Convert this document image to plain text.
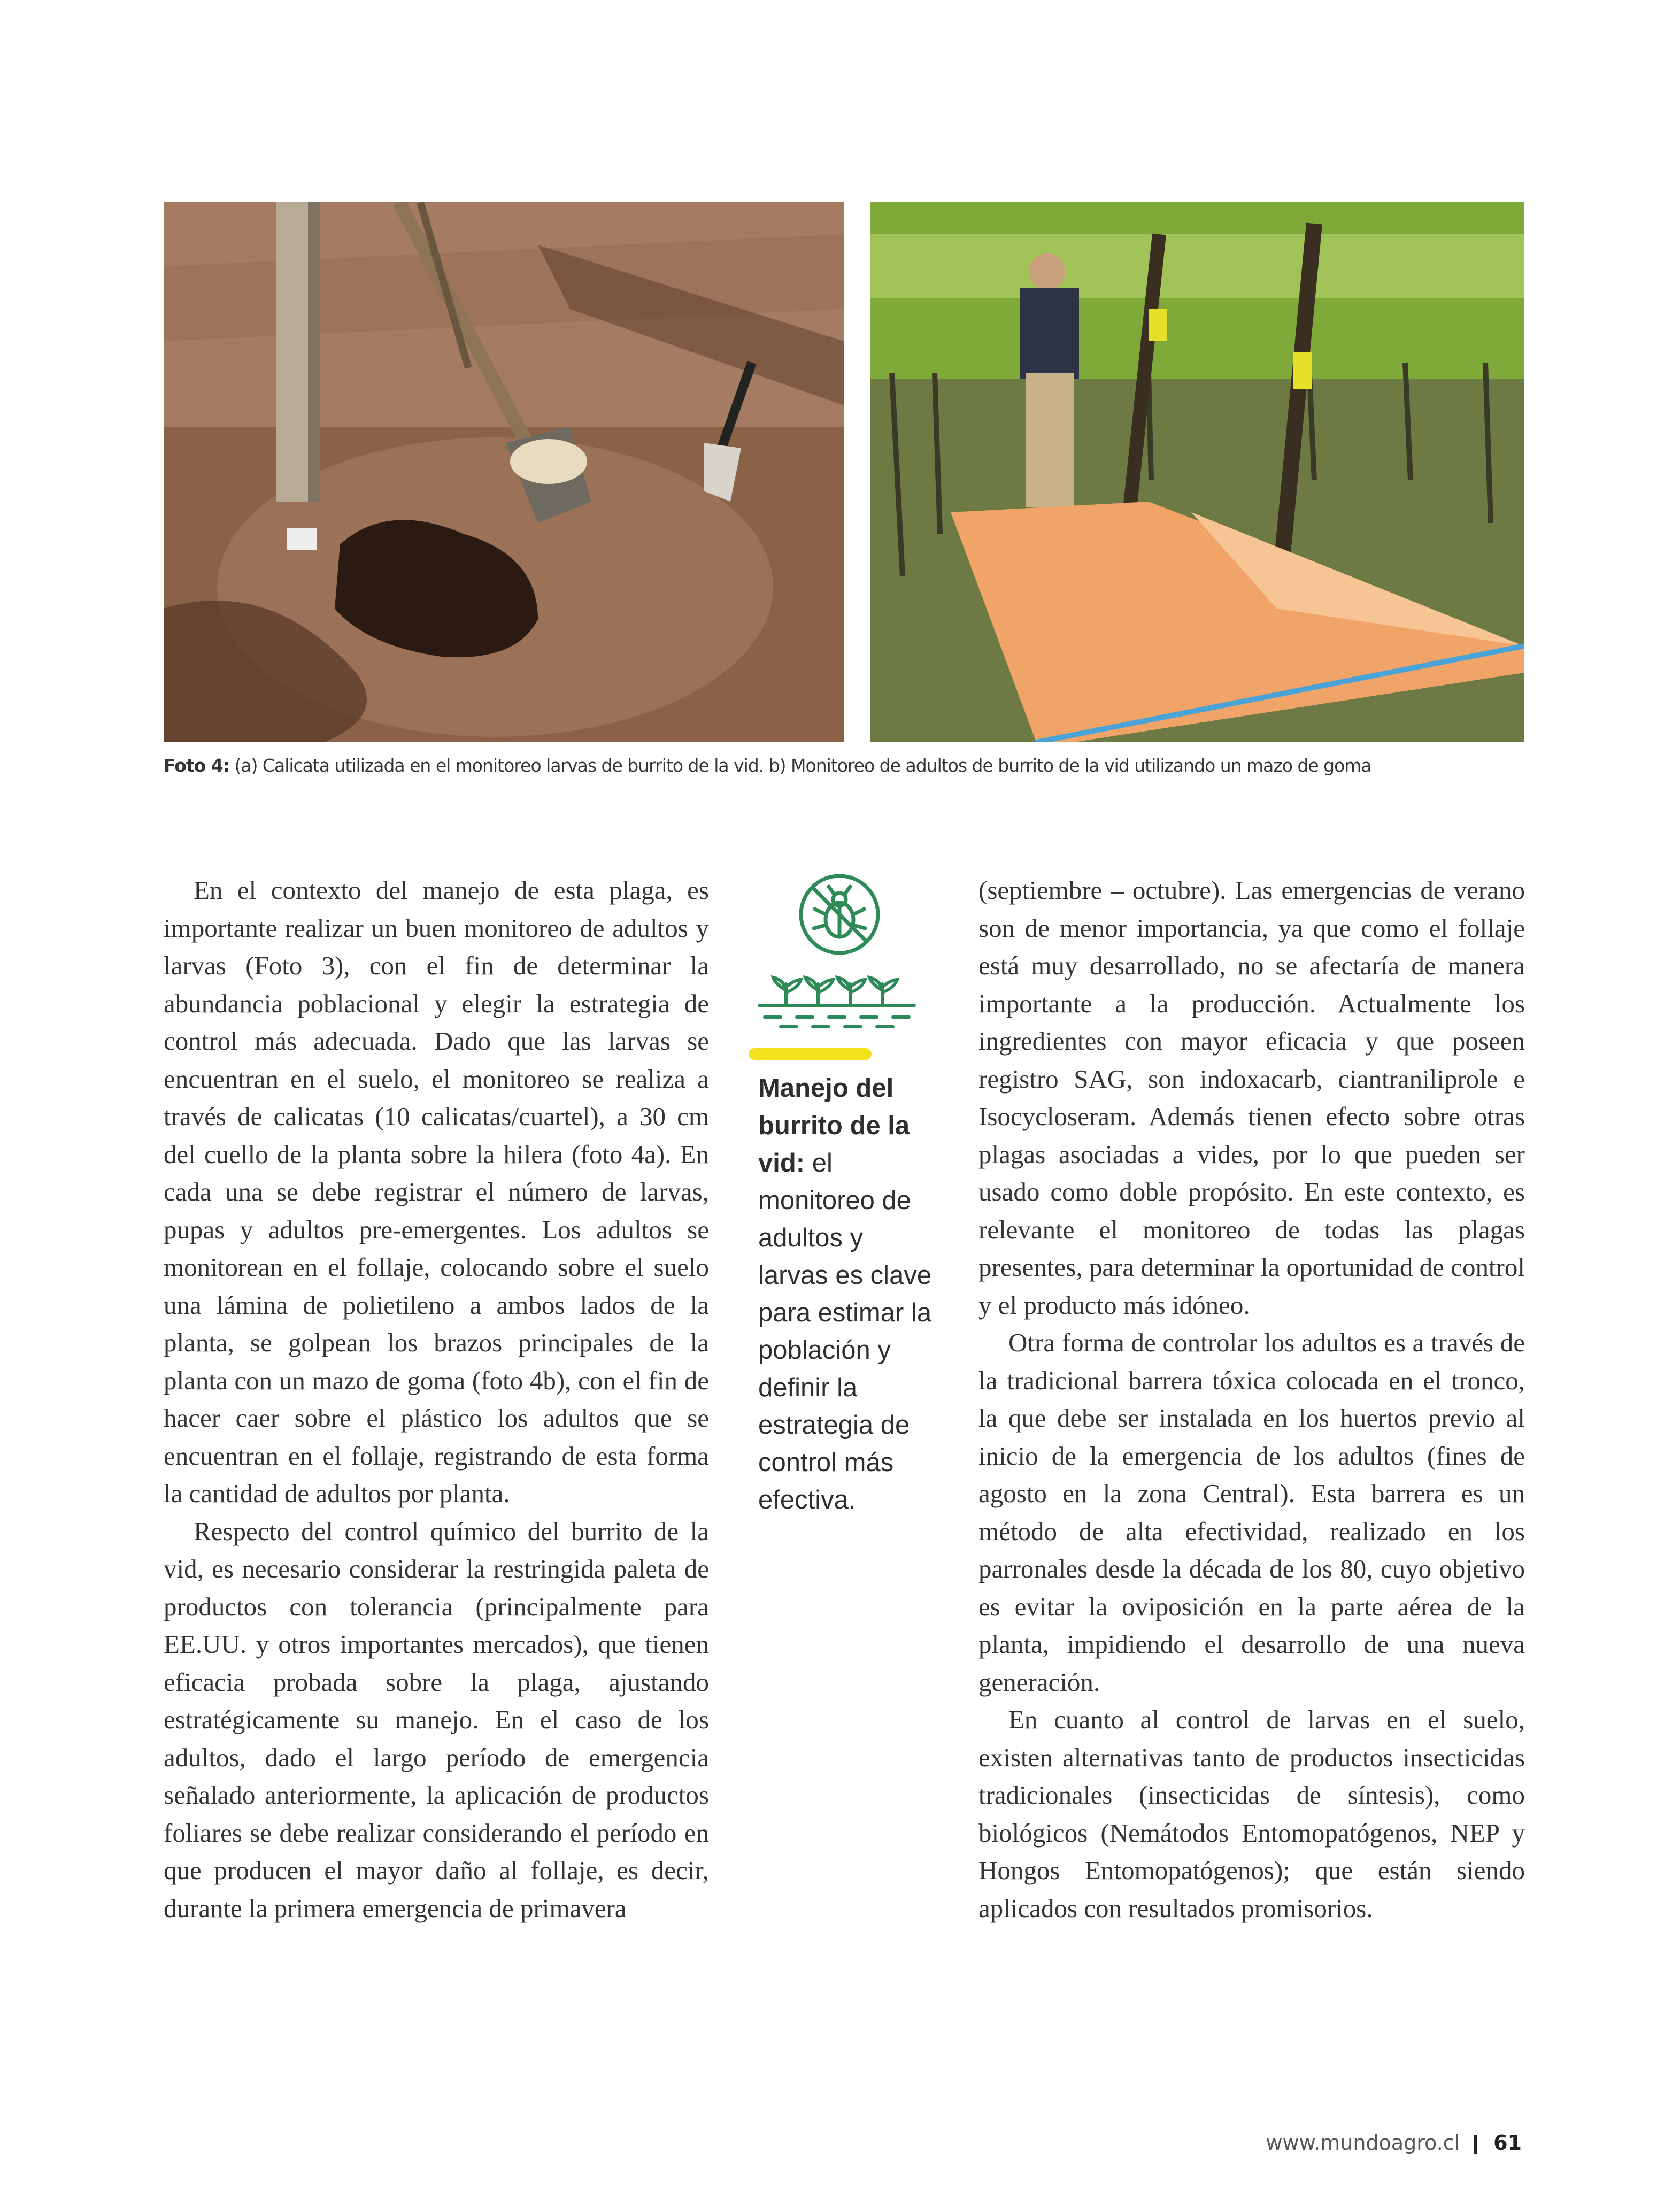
Foto 4: (a) Calicata utilizada en el monitoreo larvas de burrito de la vid. b) Monitoreo de adultos de burrito de la vid utilizando un mazo de goma

En el contexto del manejo de esta plaga, es importante realizar un buen monitoreo de adultos y larvas (Foto 3), con el fin de determinar la abundancia poblacional y elegir la estrategia de control más adecuada. Dado que las larvas se encuentran en el suelo, el monitoreo se realiza a través de calicatas (10 calicatas/cuartel), a 30 cm del cuello de la planta sobre la hilera (foto 4a). En cada una se debe registrar el número de larvas, pupas y adultos pre-emergentes. Los adultos se monitorean en el follaje, colocando sobre el suelo una lámina de polietileno a ambos lados de la planta, se golpean los brazos principales de la planta con un mazo de goma (foto 4b), con el fin de hacer caer sobre el plástico los adultos que se encuentran en el follaje, registrando de esta forma la cantidad de adultos por planta.

Respecto del control químico del burrito de la vid, es necesario considerar la restringida paleta de productos con tolerancia (principalmente para EE.UU. y otros importantes mercados), que tienen eficacia probada sobre la plaga, ajustando estratégicamente su manejo. En el caso de los adultos, dado el largo período de emergencia señalado anteriormente, la aplicación de productos foliares se debe realizar considerando el período en que producen el mayor daño al follaje, es decir, durante la primera emergencia de primavera

Manejo del burrito de la vid: el monitoreo de adultos y larvas es clave para estimar la población y definir la estrategia de control más efectiva.

(septiembre – octubre). Las emergencias de verano son de menor importancia, ya que como el follaje está muy desarrollado, no se afectaría de manera importante a la producción. Actualmente los ingredientes con mayor eficacia y que poseen registro SAG, son indoxacarb, ciantraniliprole e Isocycloseram. Además tienen efecto sobre otras plagas asociadas a vides, por lo que pueden ser usado como doble propósito. En este contexto, es relevante el monitoreo de todas las plagas presentes, para determinar la oportunidad de control y el producto más idóneo.

Otra forma de controlar los adultos es a través de la tradicional barrera tóxica colocada en el tronco, la que debe ser instalada en los huertos previo al inicio de la emergencia de los adultos (fines de agosto en la zona Central). Esta barrera es un método de alta efectividad, realizado en los parronales desde la década de los 80, cuyo objetivo es evitar la oviposición en la parte aérea de la planta, impidiendo el desarrollo de una nueva generación.

En cuanto al control de larvas en el suelo, existen alternativas tanto de productos insecticidas tradicionales (insecticidas de síntesis), como biológicos (Nemátodos Entomopatógenos, NEP y Hongos Entomopatógenos); que están siendo aplicados con resultados promisorios.

www.mundoagro.cl 61
